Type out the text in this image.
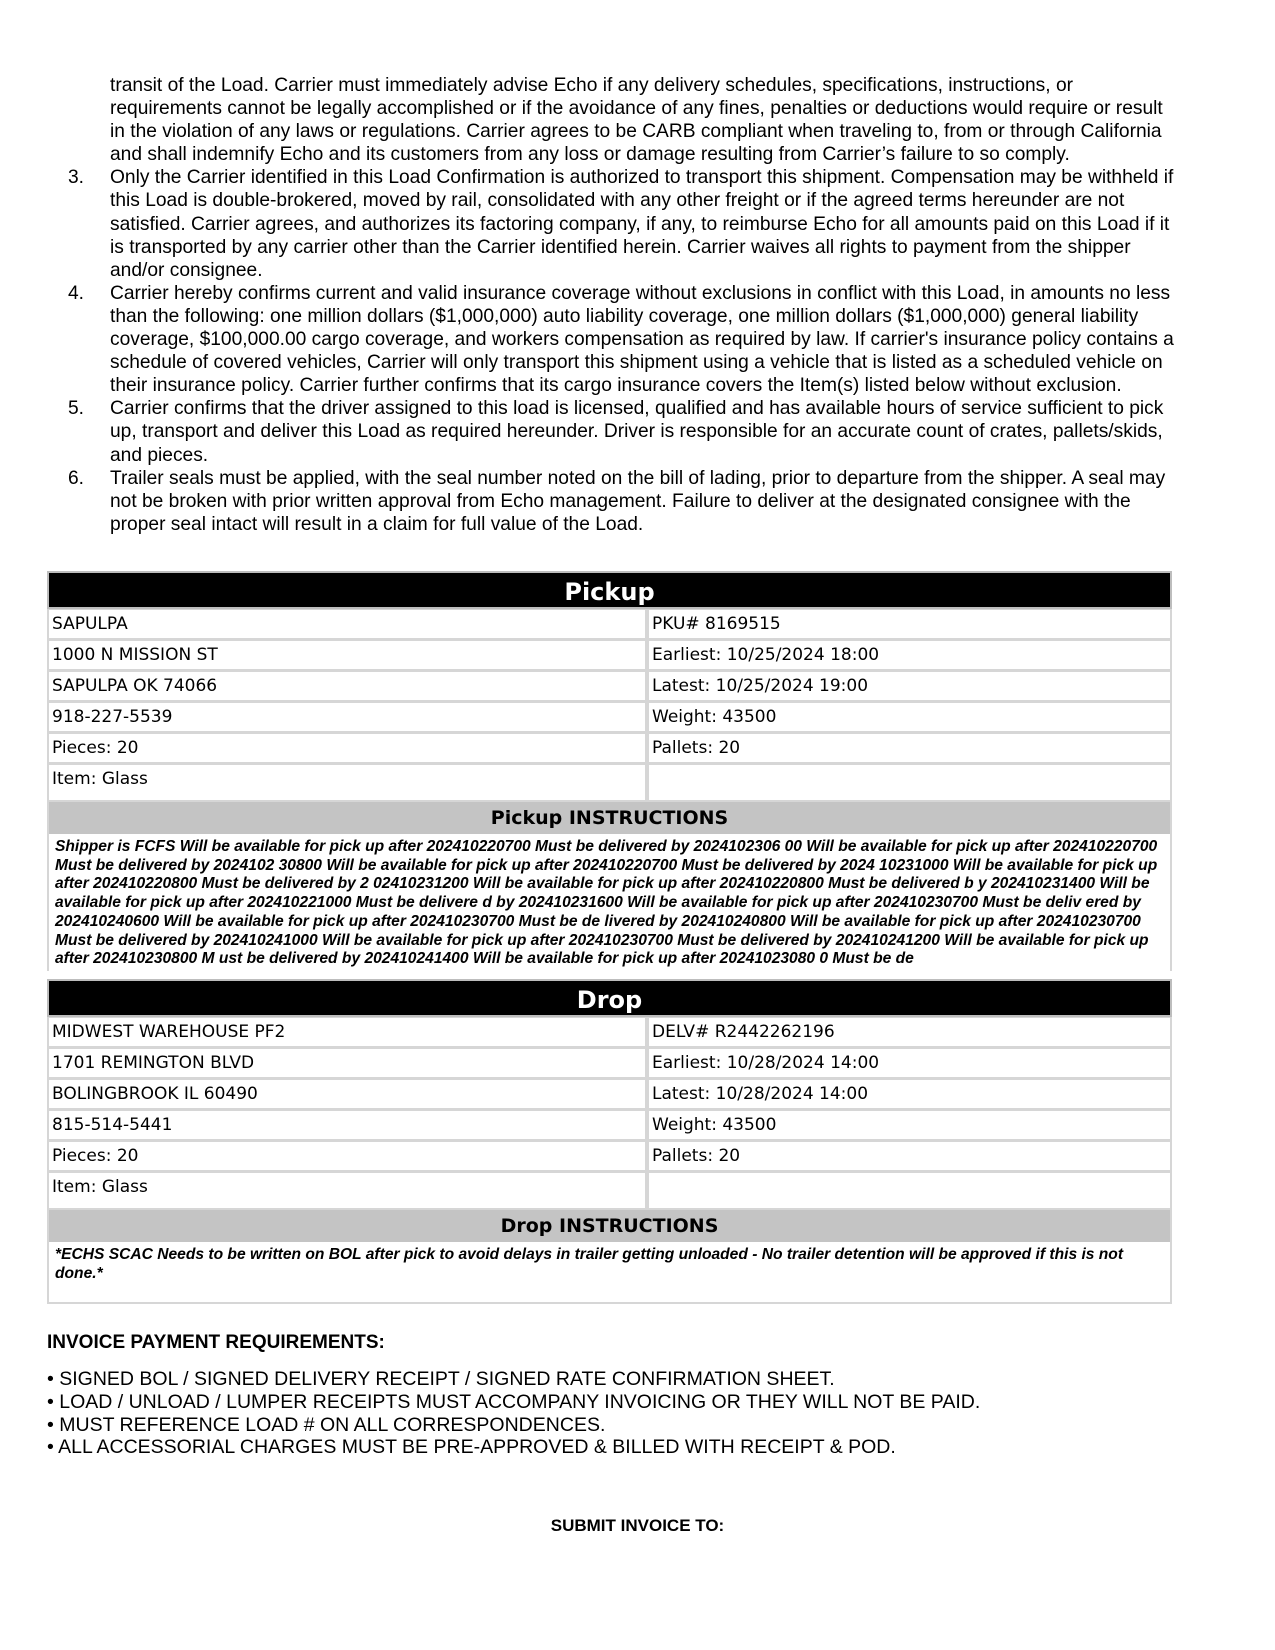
transit of the Load. Carrier must immediately advise Echo if any delivery schedules, specifications, instructions, or requirements cannot be legally accomplished or if the avoidance of any fines, penalties or deductions would require or result in the violation of any laws or regulations. Carrier agrees to be CARB compliant when traveling to, from or through California and shall indemnify Echo and its customers from any loss or damage resulting from Carrier’s failure to so comply.
3.	Only the Carrier identified in this Load Confirmation is authorized to transport this shipment. Compensation may be withheld if this Load is double-brokered, moved by rail, consolidated with any other freight or if the agreed terms hereunder are not satisfied. Carrier agrees, and authorizes its factoring company, if any, to reimburse Echo for all amounts paid on this Load if it is transported by any carrier other than the Carrier identified herein. Carrier waives all rights to payment from the shipper and/or consignee.
4.	Carrier hereby confirms current and valid insurance coverage without exclusions in conflict with this Load, in amounts no less than the following: one million dollars ($1,000,000) auto liability coverage, one million dollars ($1,000,000) general liability coverage, $100,000.00 cargo coverage, and workers compensation as required by law. If carrier's insurance policy contains a schedule of covered vehicles, Carrier will only transport this shipment using a vehicle that is listed as a scheduled vehicle on their insurance policy. Carrier further confirms that its cargo insurance covers the Item(s) listed below without exclusion.
5.	Carrier confirms that the driver assigned to this load is licensed, qualified and has available hours of service sufficient to pick up, transport and deliver this Load as required hereunder. Driver is responsible for an accurate count of crates, pallets/skids, and pieces.
6.	Trailer seals must be applied, with the seal number noted on the bill of lading, prior to departure from the shipper. A seal may not be broken with prior written approval from Echo management. Failure to deliver at the designated consignee with the proper seal intact will result in a claim for full value of the Load.
Pickup
SAPULPA	PKU# 8169515
1000 N MISSION ST	Earliest: 10/25/2024 18:00
SAPULPA OK 74066	Latest: 10/25/2024 19:00
918-227-5539	Weight: 43500
Pieces: 20	Pallets: 20
Item: Glass
Pickup INSTRUCTIONS
Shipper is FCFS Will be available for pick up after 202410220700 Must be delivered by 2024102306 00 Will be available for pick up after 202410220700 Must be delivered by 2024102 30800 Will be available for pick up after 202410220700 Must be delivered by 2024 10231000 Will be available for pick up after 202410220800 Must be delivered by 2 02410231200 Will be available for pick up after 202410220800 Must be delivered b y 202410231400 Will be available for pick up after 202410221000 Must be delivere d by 202410231600 Will be available for pick up after 202410230700 Must be deliv ered by 202410240600 Will be available for pick up after 202410230700 Must be de livered by 202410240800 Will be available for pick up after 202410230700 Must be delivered by 202410241000 Will be available for pick up after 202410230700 Must be delivered by 202410241200 Will be available for pick up after 202410230800 M ust be delivered by 202410241400 Will be available for pick up after 20241023080 0 Must be de
Drop
MIDWEST WAREHOUSE PF2	DELV# R2442262196
1701 REMINGTON BLVD	Earliest: 10/28/2024 14:00
BOLINGBROOK IL 60490	Latest: 10/28/2024 14:00
815-514-5441	Weight: 43500
Pieces: 20	Pallets: 20
Item: Glass
Drop INSTRUCTIONS
*ECHS SCAC Needs to be written on BOL after pick to avoid delays in trailer getting unloaded - No trailer detention will be approved if this is not done.*
INVOICE PAYMENT REQUIREMENTS:
• SIGNED BOL / SIGNED DELIVERY RECEIPT / SIGNED RATE CONFIRMATION SHEET.
• LOAD / UNLOAD / LUMPER RECEIPTS MUST ACCOMPANY INVOICING OR THEY WILL NOT BE PAID.
• MUST REFERENCE LOAD # ON ALL CORRESPONDENCES.
• ALL ACCESSORIAL CHARGES MUST BE PRE-APPROVED & BILLED WITH RECEIPT & POD.
SUBMIT INVOICE TO:
